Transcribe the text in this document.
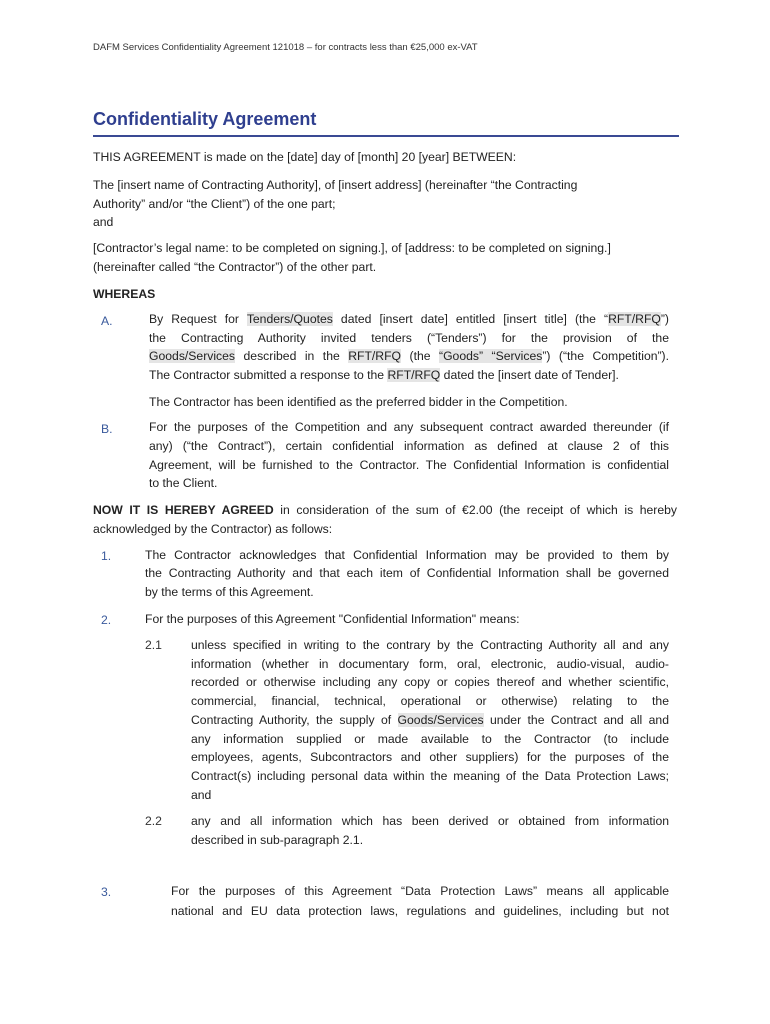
DAFM Services Confidentiality Agreement 121018 – for contracts less than €25,000 ex-VAT
Confidentiality Agreement
THIS AGREEMENT is made on the [date] day of [month] 20 [year] BETWEEN:
The [insert name of Contracting Authority], of [insert address] (hereinafter “the Contracting
Authority” and/or “the Client”) of the one part;
and
[Contractor’s legal name: to be completed on signing.], of [address: to be completed on signing.]
(hereinafter called “the Contractor”) of the other part.
WHEREAS
A.	By Request for Tenders/Quotes dated [insert date] entitled [insert title] (the “RFT/RFQ”)
the Contracting Authority invited tenders (“Tenders”) for the provision of the
Goods/Services described in the RFT/RFQ (the “Goods” “Services”) (“the Competition”).
The Contractor submitted a response to the RFT/RFQ dated the [insert date of Tender].
The Contractor has been identified as the preferred bidder in the Competition.
B.	For the purposes of the Competition and any subsequent contract awarded thereunder (if
any) (“the Contract”), certain confidential information as defined at clause 2 of this
Agreement, will be furnished to the Contractor. The Confidential Information is confidential
to the Client.
NOW IT IS HEREBY AGREED in consideration of the sum of €2.00 (the receipt of which is hereby
acknowledged by the Contractor) as follows:
1.	The Contractor acknowledges that Confidential Information may be provided to them by
the Contracting Authority and that each item of Confidential Information shall be governed
by the terms of this Agreement.
2.	For the purposes of this Agreement "Confidential Information" means:
2.1 unless specified in writing to the contrary by the Contracting Authority all and any
information (whether in documentary form, oral, electronic, audio-visual, audio-
recorded or otherwise including any copy or copies thereof and whether scientific,
commercial, financial, technical, operational or otherwise) relating to the
Contracting Authority, the supply of Goods/Services under the Contract and all and
any information supplied or made available to the Contractor (to include
employees, agents, Subcontractors and other suppliers) for the purposes of the
Contract(s) including personal data within the meaning of the Data Protection Laws;
and
2.2 any and all information which has been derived or obtained from information
described in sub-paragraph 2.1.
3.	For the purposes of this Agreement “Data Protection Laws” means all applicable
national and EU data protection laws, regulations and guidelines, including but not
